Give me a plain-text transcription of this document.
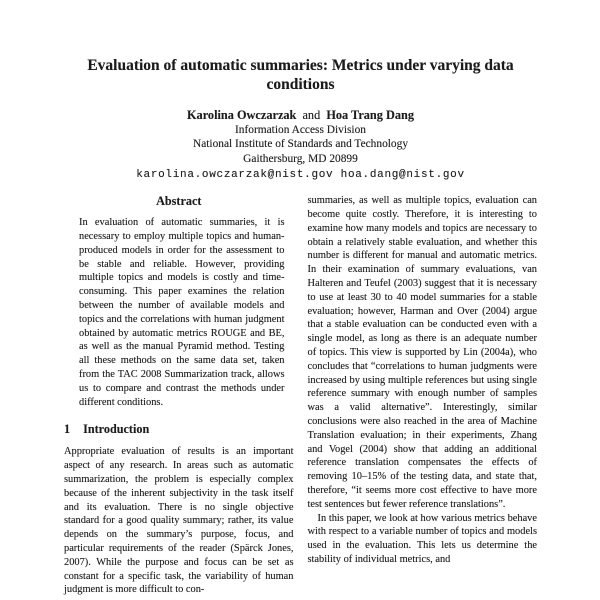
Evaluation of automatic summaries: Metrics under varying data conditions
Karolina Owczarzak and Hoa Trang Dang
Information Access Division
National Institute of Standards and Technology
Gaithersburg, MD 20899
karolina.owczarzak@nist.gov hoa.dang@nist.gov
Abstract

In evaluation of automatic summaries, it is necessary to employ multiple topics and human-produced models in order for the assessment to be stable and reliable. However, providing multiple topics and models is costly and time-consuming. This paper examines the relation between the number of available models and topics and the correlations with human judgment obtained by automatic metrics ROUGE and BE, as well as the manual Pyramid method. Testing all these methods on the same data set, taken from the TAC 2008 Summarization track, allows us to compare and contrast the methods under different conditions.

1 Introduction

Appropriate evaluation of results is an important aspect of any research. In areas such as automatic summarization, the problem is especially complex because of the inherent subjectivity in the task itself and its evaluation. There is no single objective standard for a good quality summary; rather, its value depends on the summary’s purpose, focus, and particular requirements of the reader (Spärck Jones, 2007). While the purpose and focus can be set as constant for a specific task, the variability of human judgment is more difficult to con-

summaries, as well as multiple topics, evaluation can become quite costly. Therefore, it is interesting to examine how many models and topics are necessary to obtain a relatively stable evaluation, and whether this number is different for manual and automatic metrics. In their examination of summary evaluations, van Halteren and Teufel (2003) suggest that it is necessary to use at least 30 to 40 model summaries for a stable evaluation; however, Harman and Over (2004) argue that a stable evaluation can be conducted even with a single model, as long as there is an adequate number of topics. This view is supported by Lin (2004a), who concludes that “correlations to human judgments were increased by using multiple references but using single reference summary with enough number of samples was a valid alternative”. Interestingly, similar conclusions were also reached in the area of Machine Translation evaluation; in their experiments, Zhang and Vogel (2004) show that adding an additional reference translation compensates the effects of removing 10–15% of the testing data, and state that, therefore, “it seems more cost effective to have more test sentences but fewer reference translations”.

In this paper, we look at how various metrics behave with respect to a variable number of topics and models used in the evaluation. This lets us determine the stability of individual metrics, and
